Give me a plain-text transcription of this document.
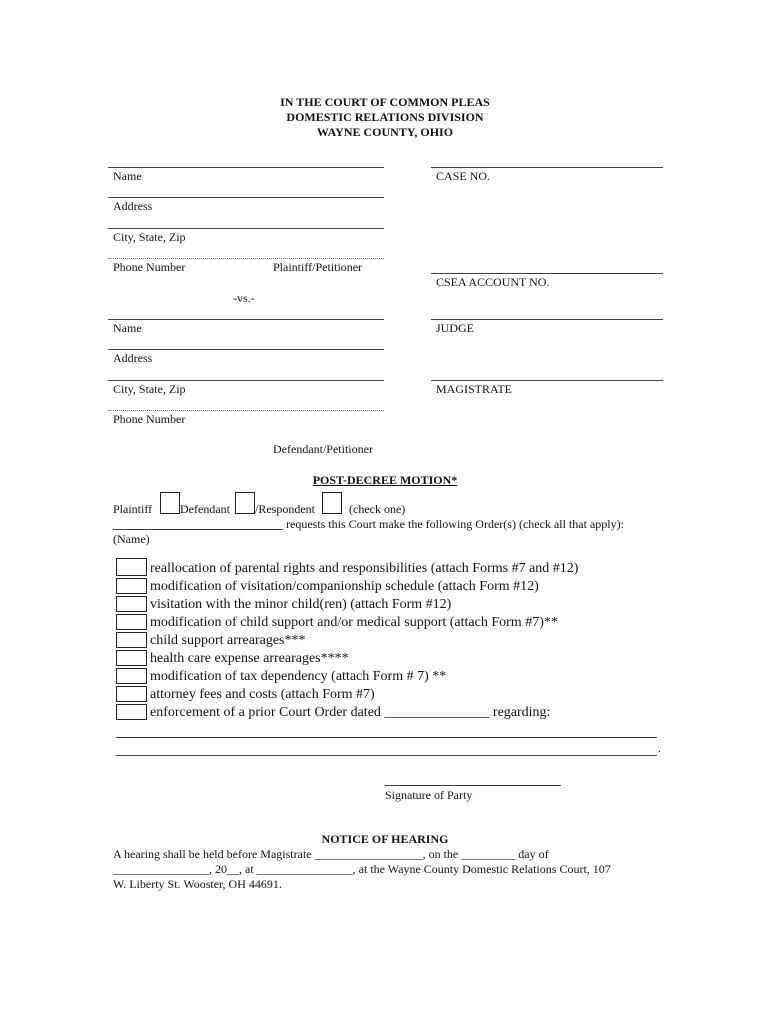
IN THE COURT OF COMMON PLEAS
DOMESTIC RELATIONS DIVISION
WAYNE COUNTY, OHIO
Name
Address
City, State, Zip
Phone Number	Plaintiff/Petitioner
-vs.-
Name
Address
City, State, Zip
Phone Number
Defendant/Petitioner
CASE NO.
CSEA ACCOUNT NO.
JUDGE
MAGISTRATE
POST-DECREE MOTION*
Plaintiff Defendant /Respondent	(check one)
requests this Court make the following Order(s) (check all that apply):
(Name)
reallocation of parental rights and responsibilities (attach Forms #7 and #12)
modification of visitation/companionship schedule (attach Form #12)
visitation with the minor child(ren) (attach Form #12)
modification of child support and/or medical support (attach Form #7)**
child support arrearages***
health care expense arrearages****
modification of tax dependency (attach Form # 7) **
attorney fees and costs (attach Form #7)
enforcement of a prior Court Order dated _______________ regarding:
.
Signature of Party
NOTICE OF HEARING
A hearing shall be held before Magistrate __________________, on the _________ day of
________________, 20__, at ________________, at the Wayne County Domestic Relations Court, 107
W. Liberty St. Wooster, OH 44691.
